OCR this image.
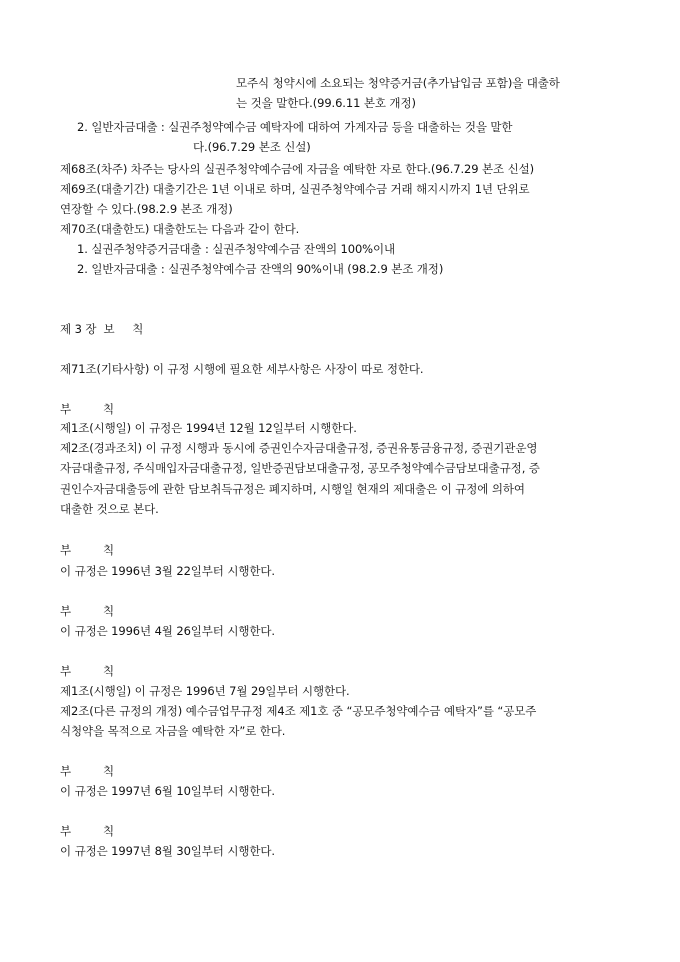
모주식 청약시에 소요되는 청약증거금(추가납입금 포함)을 대출하
는 것을 말한다.(99.6.11 본호 개정)
2. 일반자금대출 : 실권주청약예수금 예탁자에 대하여 가계자금 등을 대출하는 것을 말한
다.(96.7.29 본조 신설)
제68조(차주) 차주는 당사의 실권주청약예수금에 자금을 예탁한 자로 한다.(96.7.29 본조 신설)
제69조(대출기간) 대출기간은 1년 이내로 하며, 실권주청약예수금 거래 해지시까지 1년 단위로
연장할 수 있다.(98.2.9 본조 개정)
제70조(대출한도) 대출한도는 다음과 같이 한다.
1. 실권주청약증거금대출 : 실권주청약예수금 잔액의 100%이내
2. 일반자금대출 : 실권주청약예수금 잔액의 90%이내 (98.2.9 본조 개정)
제 3 장  보     칙
제71조(기타사항) 이 규정 시행에 필요한 세부사항은 사장이 따로 정한다.
부         칙
제1조(시행일) 이 규정은 1994년 12월 12일부터 시행한다.
제2조(경과조치) 이 규정 시행과 동시에 증권인수자금대출규정, 증권유통금융규정, 증권기관운영
자금대출규정, 주식매입자금대출규정, 일반증권담보대출규정, 공모주청약예수금담보대출규정, 증
권인수자금대출등에 관한 담보취득규정은 폐지하며, 시행일 현재의 제대출은 이 규정에 의하여
대출한 것으로 본다.
부         칙
이 규정은 1996년 3월 22일부터 시행한다.
부         칙
이 규정은 1996년 4월 26일부터 시행한다.
부         칙
제1조(시행일) 이 규정은 1996년 7월 29일부터 시행한다.
제2조(다른 규정의 개정) 예수금업무규정 제4조 제1호 중 “공모주청약예수금 예탁자”를 “공모주
식청약을 목적으로 자금을 예탁한 자”로 한다.
부         칙
이 규정은 1997년 6월 10일부터 시행한다.
부         칙
이 규정은 1997년 8월 30일부터 시행한다.
